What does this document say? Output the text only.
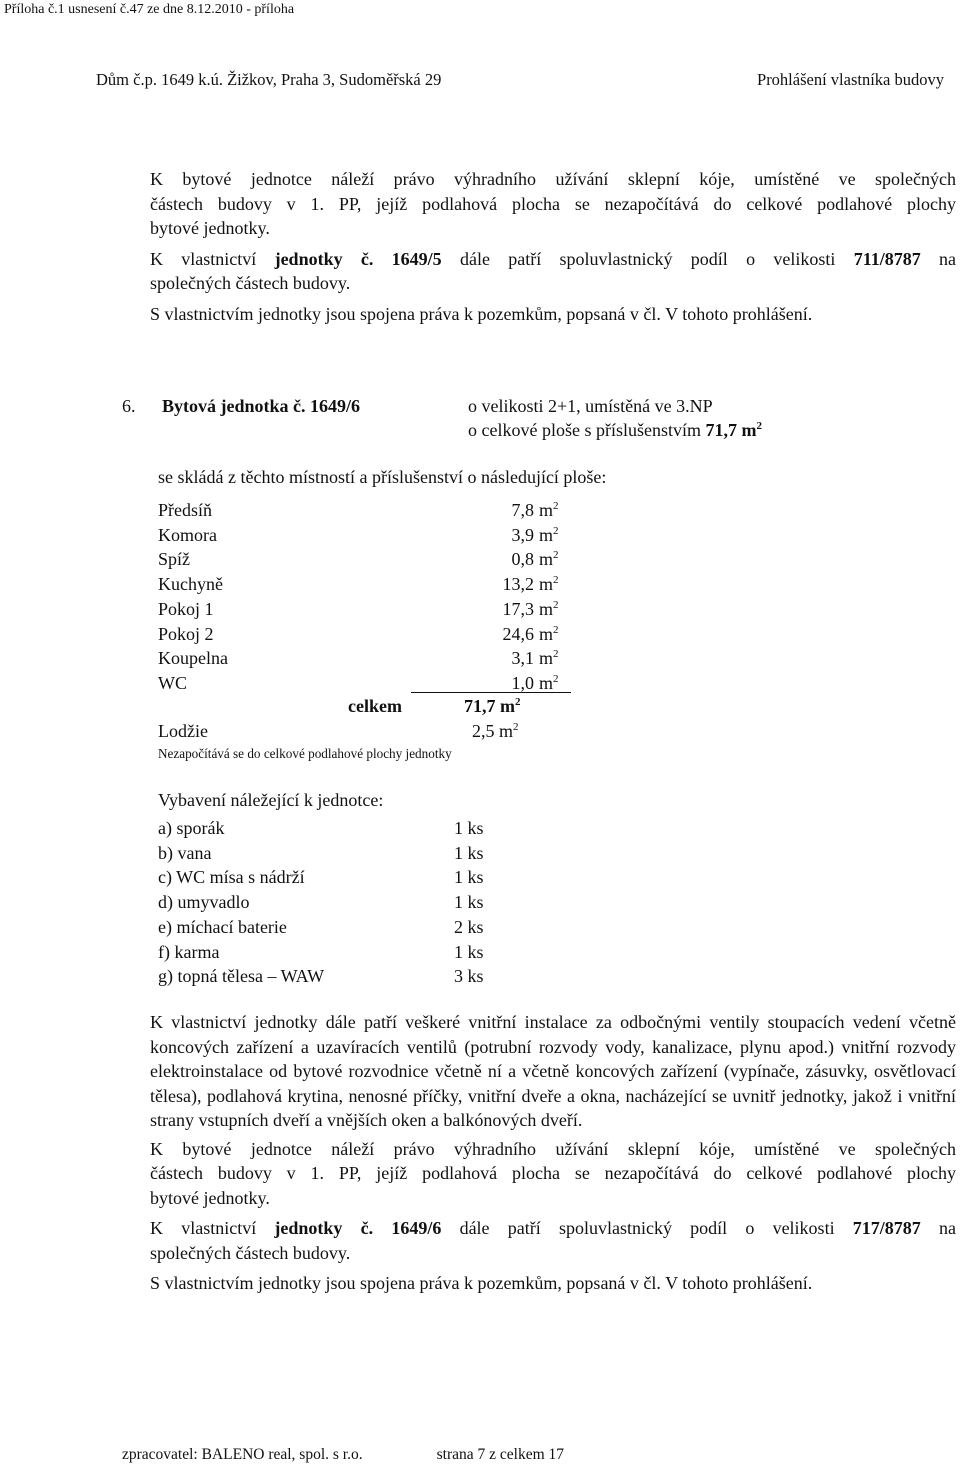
Příloha č.1 usnesení č.47 ze dne 8.12.2010 - příloha
Dům č.p. 1649 k.ú. Žižkov, Praha 3, Sudoměřská 29	Prohlášení vlastníka budovy

K bytové jednotce náleží právo výhradního užívání sklepní kóje, umístěné ve společných

částech budovy v 1. PP, jejíž podlahová plocha se nezapočítává do celkové podlahové plochy

bytové jednotky.

K vlastnictví jednotky č. 1649/5 dále patří spoluvlastnický podíl o velikosti 711/8787 na

společných částech budovy.

S vlastnictvím jednotky jsou spojena práva k pozemkům, popsaná v čl. V tohoto prohlášení.

6. Bytová jednotka č. 1649/6	o velikosti 2+1, umístěná ve 3.NP
o celkové ploše s příslušenstvím 71,7 $m^2$
se skládá z těchto místností a příslušenství o následující ploše:
Předsíň	7,8	$m^2$
Komora	3,9	$m^2$
Spíž	0,8	$m^2$
Kuchyně	13,2	$m^2$
Pokoj 1	17,3	$m^2$
Pokoj 2	24,6	$m^2$
Koupelna	3,1	$m^2$
WC	1,0	$m^2$
celkem	71,7 $m^2$
Lodžie	2,5 $m^2$
Nezapočítává se do celkové podlahové plochy jednotky
Vybavení náležející k jednotce:
a) sporák	1 ks
b) vana	1 ks
c) WC mísa s nádrží	1 ks
d) umyvadlo	1 ks
e) míchací baterie	2 ks
f) karma	1 ks
g) topná tělesa – WAW	3 ks

K vlastnictví jednotky dále patří veškeré vnitřní instalace za odbočnými ventily stoupacích vedení včetně koncových zařízení a uzavíracích ventilů (potrubní rozvody vody, kanalizace, plynu apod.) vnitřní rozvody elektroinstalace od bytové rozvodnice včetně ní a včetně koncových zařízení (vypínače, zásuvky, osvětlovací tělesa), podlahová krytina, nenosné příčky, vnitřní dveře a okna, nacházející se uvnitř jednotky, jakož i vnitřní strany vstupních dveří a vnějších oken a balkónových dveří.

K bytové jednotce náleží právo výhradního užívání sklepní kóje, umístěné ve společných

částech budovy v 1. PP, jejíž podlahová plocha se nezapočítává do celkové podlahové plochy

bytové jednotky.

K vlastnictví jednotky č. 1649/6 dále patří spoluvlastnický podíl o velikosti 717/8787 na

společných částech budovy.

S vlastnictvím jednotky jsou spojena práva k pozemkům, popsaná v čl. V tohoto prohlášení.

zpracovatel: BALENO real, spol. s r.o.	strana 7 z celkem 17
